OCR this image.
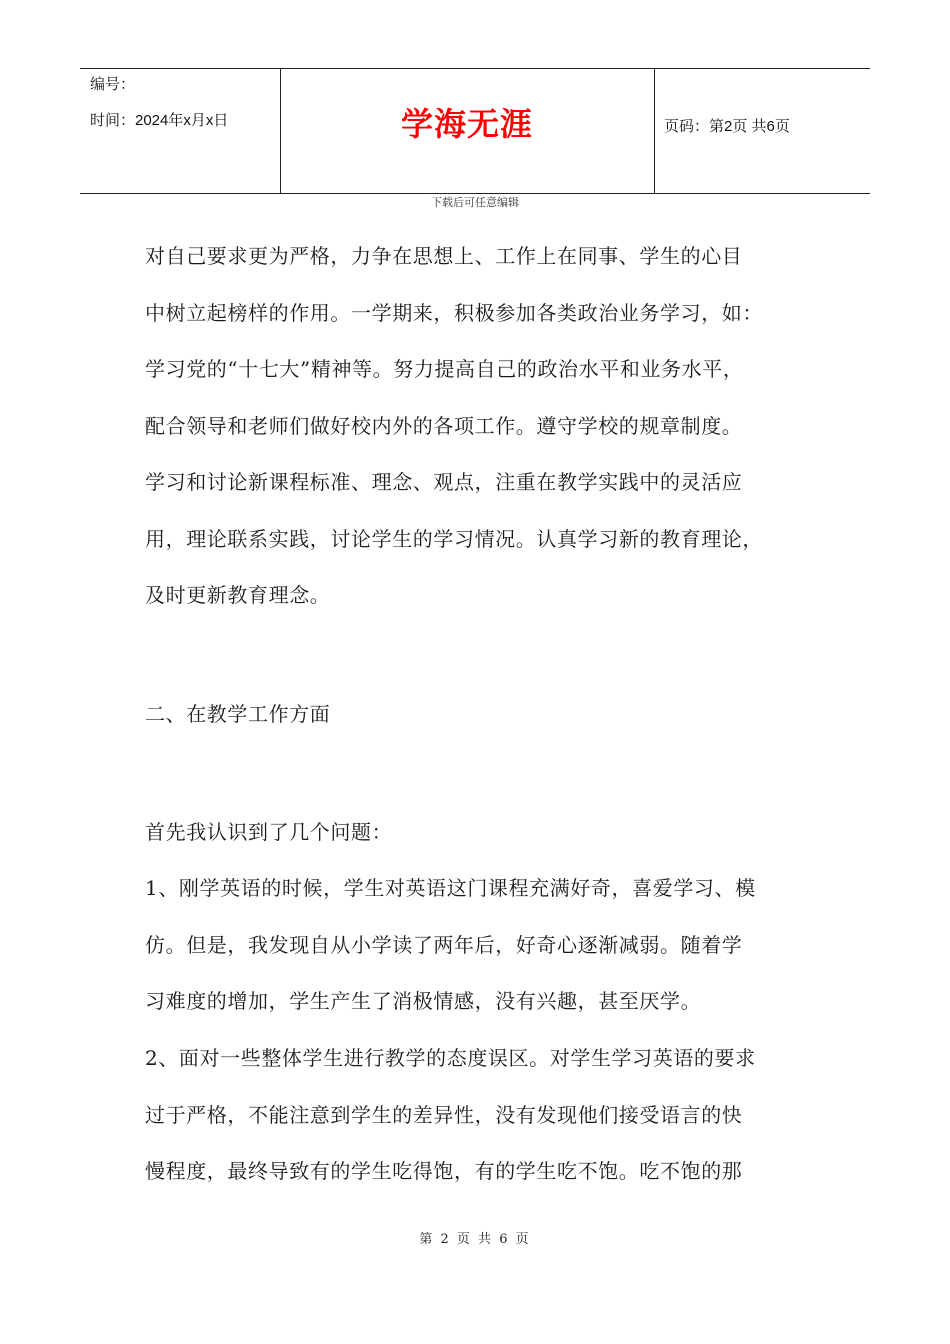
编号：
时间：2024年x月x日	学海无涯	页码：第2页 共6页
下载后可任意编辑
对自己要求更为严格，力争在思想上、工作上在同事、学生的心目
中树立起榜样的作用。一学期来，积极参加各类政治业务学习，如：
学习党的“十七大”精神等。努力提高自己的政治水平和业务水平，
配合领导和老师们做好校内外的各项工作。遵守学校的规章制度。
学习和讨论新课程标准、理念、观点，注重在教学实践中的灵活应
用，理论联系实践，讨论学生的学习情况。认真学习新的教育理论，
及时更新教育理念。
二、在教学工作方面
首先我认识到了几个问题：
1、刚学英语的时候，学生对英语这门课程充满好奇，喜爱学习、模
仿。但是，我发现自从小学读了两年后，好奇心逐渐减弱。随着学
习难度的增加，学生产生了消极情感，没有兴趣，甚至厌学。
2、面对一些整体学生进行教学的态度误区。对学生学习英语的要求
过于严格，不能注意到学生的差异性，没有发现他们接受语言的快
慢程度，最终导致有的学生吃得饱，有的学生吃不饱。吃不饱的那
第 2 页 共 6 页
